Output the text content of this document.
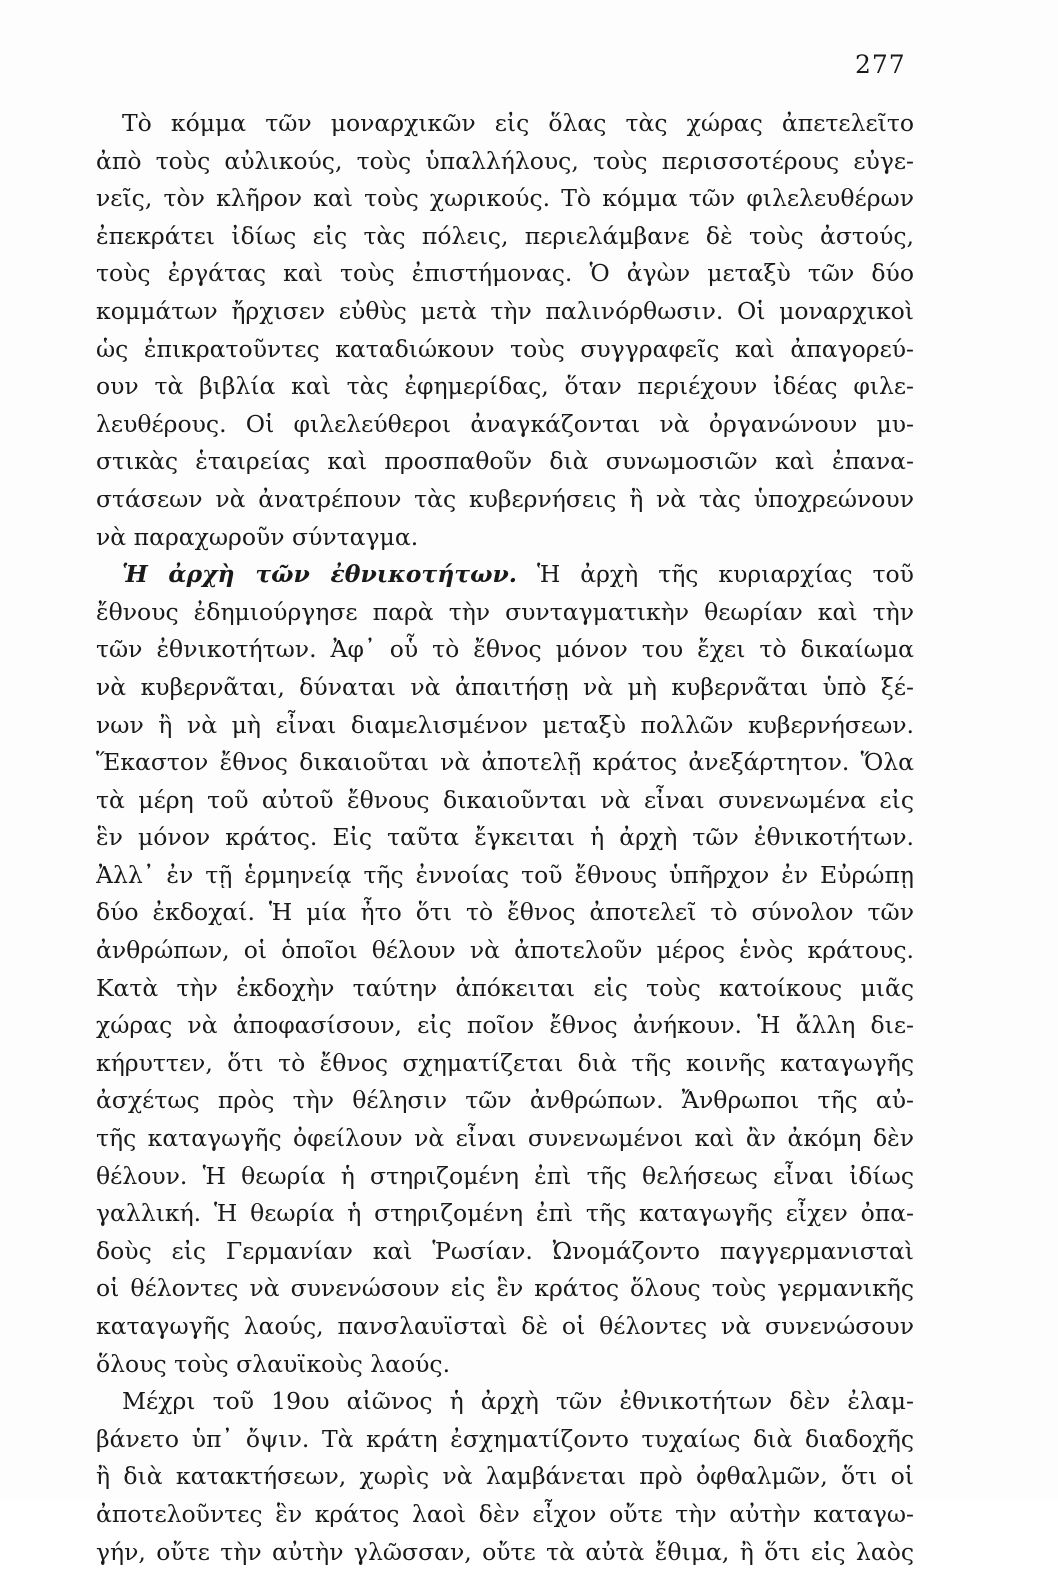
277
Τὸ κόμμα τῶν μοναρχικῶν εἰς ὅλας τὰς χώρας ἀπετελεῖτο
ἀπὸ τοὺς αὐλικούς, τοὺς ὑπαλλήλους, τοὺς περισσοτέρους εὐγε-
νεῖς, τὸν κλῆρον καὶ τοὺς χωρικούς. Τὸ κόμμα τῶν φιλελευθέρων
ἐπεκράτει ἰδίως εἰς τὰς πόλεις, περιελάμβανε δὲ τοὺς ἀστούς,
τοὺς ἐργάτας καὶ τοὺς ἐπιστήμονας. Ὁ ἀγὼν μεταξὺ τῶν δύο
κομμάτων ἤρχισεν εὐθὺς μετὰ τὴν παλινόρθωσιν. Οἱ μοναρχικοὶ
ὡς ἐπικρατοῦντες καταδιώκουν τοὺς συγγραφεῖς καὶ ἀπαγορεύ-
ουν τὰ βιβλία καὶ τὰς ἐφημερίδας, ὅταν περιέχουν ἰδέας φιλε-
λευθέρους. Οἱ φιλελεύθεροι ἀναγκάζονται νὰ ὀργανώνουν μυ-
στικὰς ἑταιρείας καὶ προσπαθοῦν διὰ συνωμοσιῶν καὶ ἐπανα-
στάσεων νὰ ἀνατρέπουν τὰς κυβερνήσεις ἢ νὰ τὰς ὑποχρεώνουν
νὰ παραχωροῦν σύνταγμα.
Ἡ ἀρχὴ τῶν ἐθνικοτήτων. Ἡ ἀρχὴ τῆς κυριαρχίας τοῦ
ἔθνους ἐδημιούργησε παρὰ τὴν συνταγματικὴν θεωρίαν καὶ τὴν
τῶν ἐθνικοτήτων. Ἀφ᾽ οὗ τὸ ἔθνος μόνον του ἔχει τὸ δικαίωμα
νὰ κυβερνᾶται, δύναται νὰ ἀπαιτήσῃ νὰ μὴ κυβερνᾶται ὑπὸ ξέ-
νων ἢ νὰ μὴ εἶναι διαμελισμένον μεταξὺ πολλῶν κυβερνήσεων.
Ἕκαστον ἔθνος δικαιοῦται νὰ ἀποτελῇ κράτος ἀνεξάρτητον. Ὅλα
τὰ μέρη τοῦ αὐτοῦ ἔθνους δικαιοῦνται νὰ εἶναι συνενωμένα εἰς
ἓν μόνον κράτος. Εἰς ταῦτα ἔγκειται ἡ ἀρχὴ τῶν ἐθνικοτήτων.
Ἀλλ᾽ ἐν τῇ ἑρμηνείᾳ τῆς ἐννοίας τοῦ ἔθνους ὑπῆρχον ἐν Εὐρώπῃ
δύο ἐκδοχαί. Ἡ μία ἦτο ὅτι τὸ ἔθνος ἀποτελεῖ τὸ σύνολον τῶν
ἀνθρώπων, οἱ ὁποῖοι θέλουν νὰ ἀποτελοῦν μέρος ἑνὸς κράτους.
Κατὰ τὴν ἐκδοχὴν ταύτην ἀπόκειται εἰς τοὺς κατοίκους μιᾶς
χώρας νὰ ἀποφασίσουν, εἰς ποῖον ἔθνος ἀνήκουν. Ἡ ἄλλη διε-
κήρυττεν, ὅτι τὸ ἔθνος σχηματίζεται διὰ τῆς κοινῆς καταγωγῆς
ἀσχέτως πρὸς τὴν θέλησιν τῶν ἀνθρώπων. Ἄνθρωποι τῆς αὐ-
τῆς καταγωγῆς ὀφείλουν νὰ εἶναι συνενωμένοι καὶ ἂν ἀκόμη δὲν
θέλουν. Ἡ θεωρία ἡ στηριζομένη ἐπὶ τῆς θελήσεως εἶναι ἰδίως
γαλλική. Ἡ θεωρία ἡ στηριζομένη ἐπὶ τῆς καταγωγῆς εἶχεν ὀπα-
δοὺς εἰς Γερμανίαν καὶ Ῥωσίαν. Ὠνομάζοντο παγγερμανισταὶ
οἱ θέλοντες νὰ συνενώσουν εἰς ἓν κράτος ὅλους τοὺς γερμανικῆς
καταγωγῆς λαούς, πανσλαυϊσταὶ δὲ οἱ θέλοντες νὰ συνενώσουν
ὅλους τοὺς σλαυϊκοὺς λαούς.
Μέχρι τοῦ 19ου αἰῶνος ἡ ἀρχὴ τῶν ἐθνικοτήτων δὲν ἐλαμ-
βάνετο ὑπ᾽ ὄψιν. Τὰ κράτη ἐσχηματίζοντο τυχαίως διὰ διαδοχῆς
ἢ διὰ κατακτήσεων, χωρὶς νὰ λαμβάνεται πρὸ ὀφθαλμῶν, ὅτι οἱ
ἀποτελοῦντες ἓν κράτος λαοὶ δὲν εἶχον οὔτε τὴν αὐτὴν καταγω-
γήν, οὔτε τὴν αὐτὴν γλῶσσαν, οὔτε τὰ αὐτὰ ἔθιμα, ἢ ὅτι εἰς λαὸς
